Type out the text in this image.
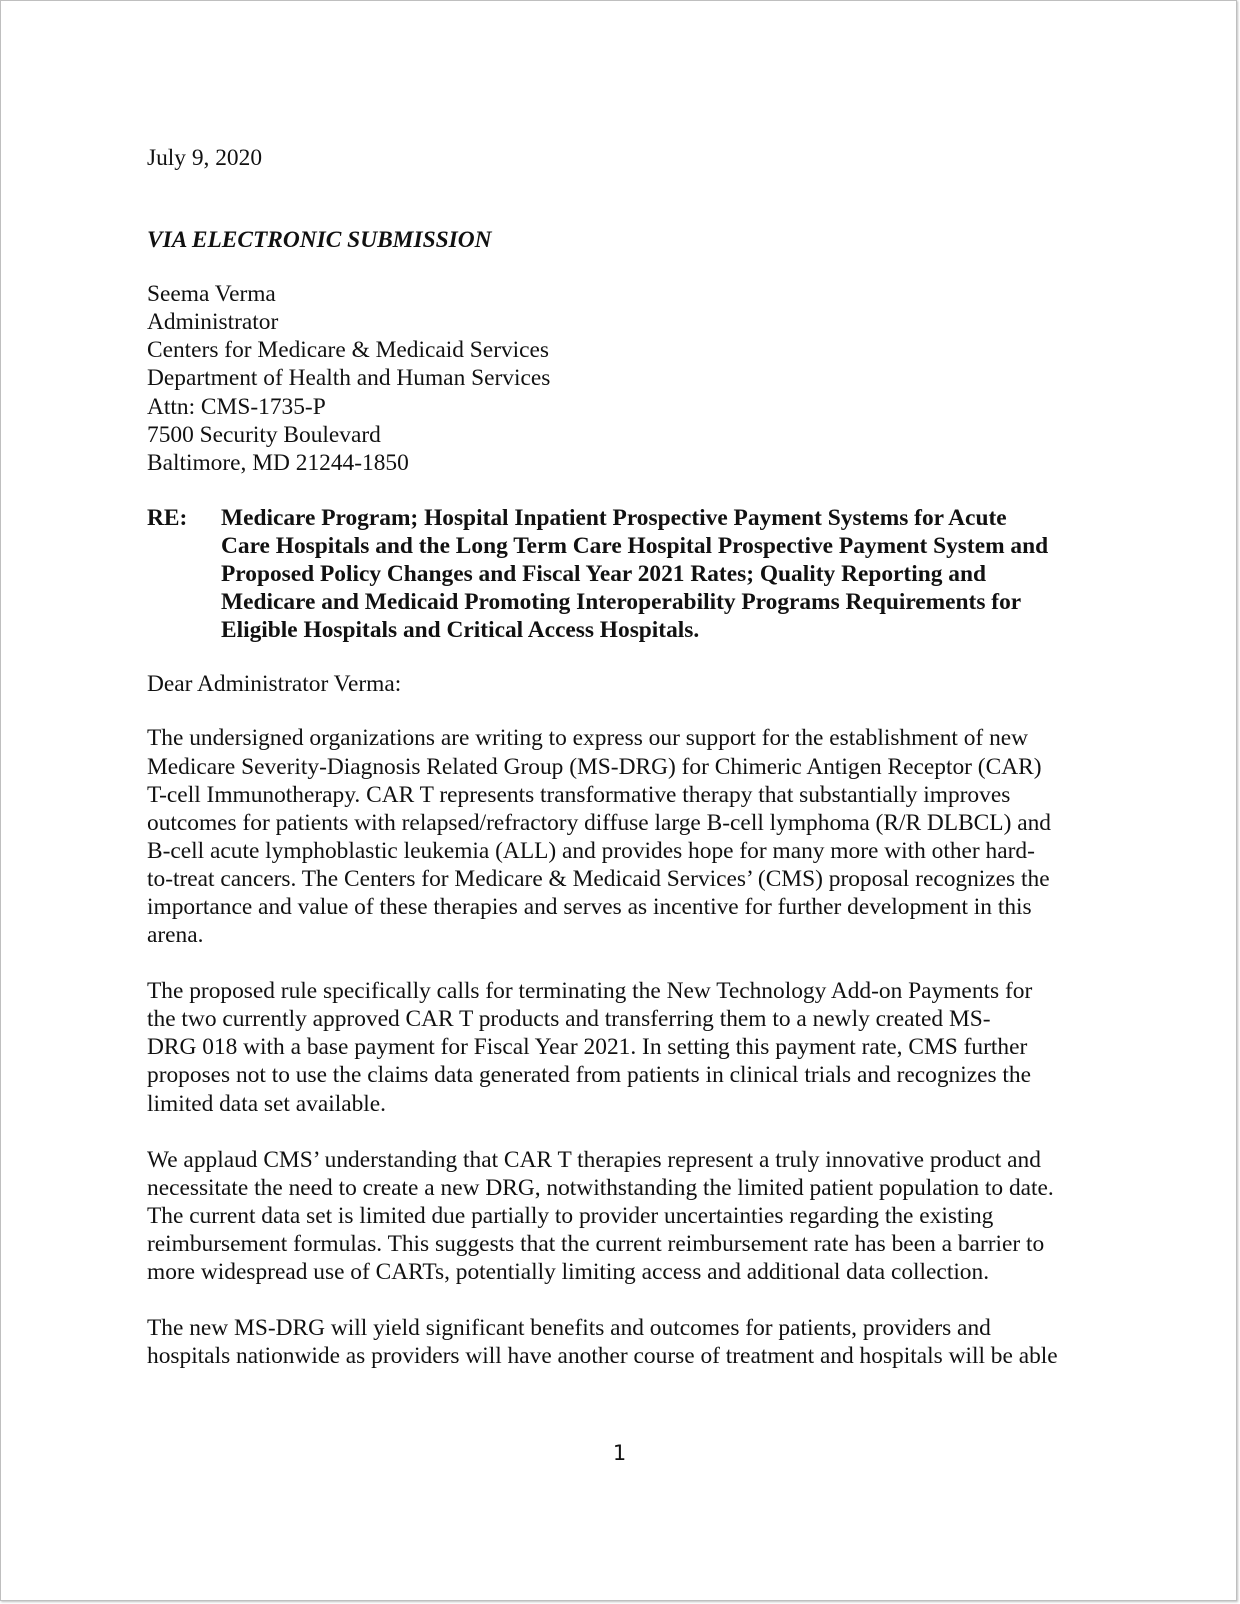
July 9, 2020

VIA ELECTRONIC SUBMISSION

Seema Verma
Administrator
Centers for Medicare & Medicaid Services
Department of Health and Human Services
Attn: CMS-1735-P
7500 Security Boulevard
Baltimore, MD 21244-1850
RE:	Medicare Program; Hospital Inpatient Prospective Payment Systems for Acute
Care Hospitals and the Long Term Care Hospital Prospective Payment System and
Proposed Policy Changes and Fiscal Year 2021 Rates; Quality Reporting and
Medicare and Medicaid Promoting Interoperability Programs Requirements for
Eligible Hospitals and Critical Access Hospitals.

Dear Administrator Verma:

The undersigned organizations are writing to express our support for the establishment of new
Medicare Severity-Diagnosis Related Group (MS-DRG) for Chimeric Antigen Receptor (CAR)
T-cell Immunotherapy. CAR T represents transformative therapy that substantially improves
outcomes for patients with relapsed/refractory diffuse large B-cell lymphoma (R/R DLBCL) and
B-cell acute lymphoblastic leukemia (ALL) and provides hope for many more with other hard-
to-treat cancers. The Centers for Medicare & Medicaid Services’ (CMS) proposal recognizes the
importance and value of these therapies and serves as incentive for further development in this
arena.
The proposed rule specifically calls for terminating the New Technology Add-on Payments for
the two currently approved CAR T products and transferring them to a newly created MS-
DRG 018 with a base payment for Fiscal Year 2021. In setting this payment rate, CMS further
proposes not to use the claims data generated from patients in clinical trials and recognizes the
limited data set available.
We applaud CMS’ understanding that CAR T therapies represent a truly innovative product and
necessitate the need to create a new DRG, notwithstanding the limited patient population to date.
The current data set is limited due partially to provider uncertainties regarding the existing
reimbursement formulas. This suggests that the current reimbursement rate has been a barrier to
more widespread use of CARTs, potentially limiting access and additional data collection.
The new MS-DRG will yield significant benefits and outcomes for patients, providers and
hospitals nationwide as providers will have another course of treatment and hospitals will be able
1
